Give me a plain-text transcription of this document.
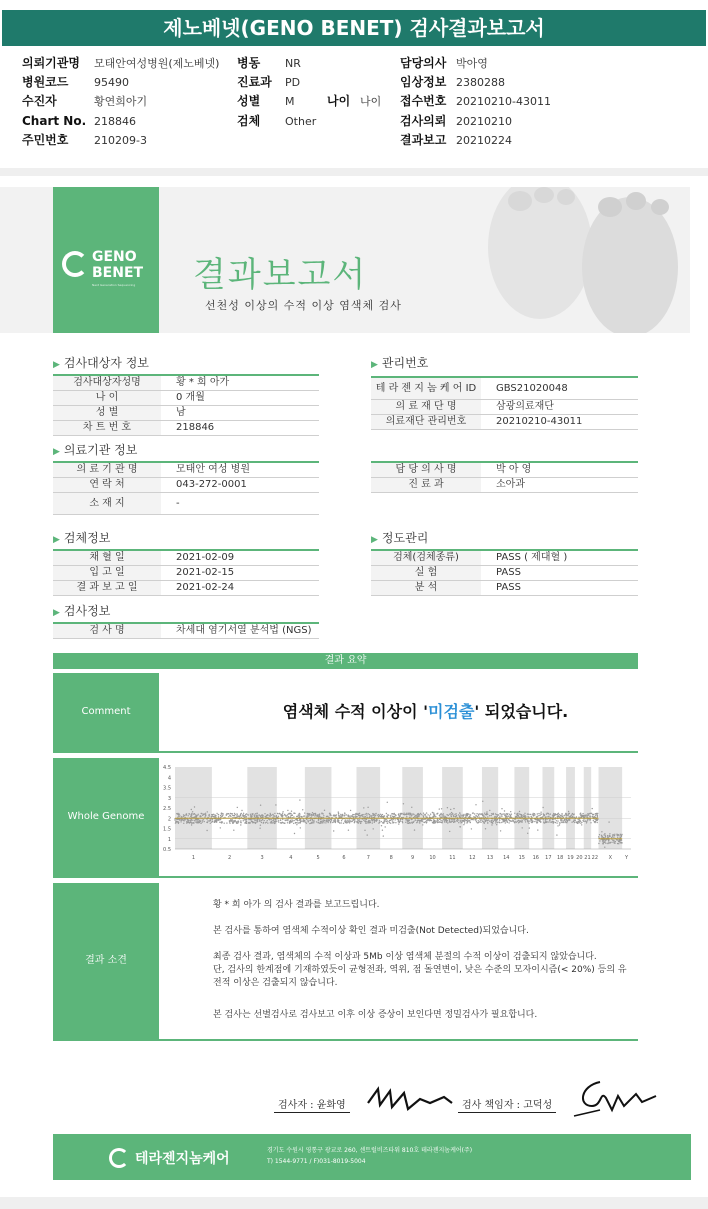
제노베넷(GENO BENET) 검사결과보고서
의뢰기관명 모태안여성병원(제노베넷)
병원코드 95490
수진자	황연희아기
Chart No. 218846
주민번호 210209-3
병동 NR
진료과 PD
성별 M
검체 Other
담당의사 박아영
임상정보 2380288
접수번호 20210210-43011
검사의뢰 20210210
결과보고 20210224
나이 나이
GENO
BENET
Next Generation Sequencing 결과보고서
선천성 이상의 수적 이상 염색체 검사
▶ 검사대상자 정보
검사대상자성명	황 * 희 아가
나 이	0 개월
성 별	남
차 트 번 호	218846
▶ 관리번호
테 라 젠 지 놈 케 어 ID	GBS21020048
의 료 재 단 명	삼광의료재단
의료재단 관리번호	20210210-43011
▶ 의료기관 정보
의 료 기 관 명	모태안 여성 병원
연 락 처	043-272-0001
소 재 지	-
담 당 의 사 명	박 아 영
진 료 과	소아과
▶ 검체정보
채 혈 일	2021-02-09
입 고 일	2021-02-15
결 과 보 고 일	2021-02-24
▶ 정도관리
검체(검체종류)	PASS ( 제대혈 )
실 험	PASS
분 석	PASS
▶ 검사정보
검 사 명	차세대 염기서열 분석법 (NGS)
결과 요약
Comment	염색체 수적 이상이 '미검출' 되었습니다.
Whole Genome
4.5
4
3.5
3
2.5
2
1.5
1
0.5
1	2	3	4	5	6	7	8	9	10	11	12 13 14 15 16 17 18 19 20 21 22 X	Y
결과 소견

황 * 희 아가 의 검사 결과를 보고드립니다.

본 검사를 통하여 염색체 수적이상 확인 결과 미검출(Not Detected)되었습니다.

최종 검사 결과, 염색체의 수적 이상과 5Mb 이상 염색체 분절의 수적 이상이 검출되지 않았습니다.

단, 검사의 한계점에 기재하였듯이 균형전좌, 역위, 점 돌연변이, 낮은 수준의 모자이시즘(< 20%) 등의 유전적 이상은 검출되지 않습니다.

본 검사는 선별검사로 검사보고 이후 이상 증상이 보인다면 정밀검사가 필요합니다.

검사자 : 윤화영	검사 책임자 : 고덕성
테라젠지놈케어
경기도 수원시 영통구 광교로 260, 센트럴비즈타워 810호 테라젠지놈케어(주)
T) 1544-9771 / F)031-8019-5004
